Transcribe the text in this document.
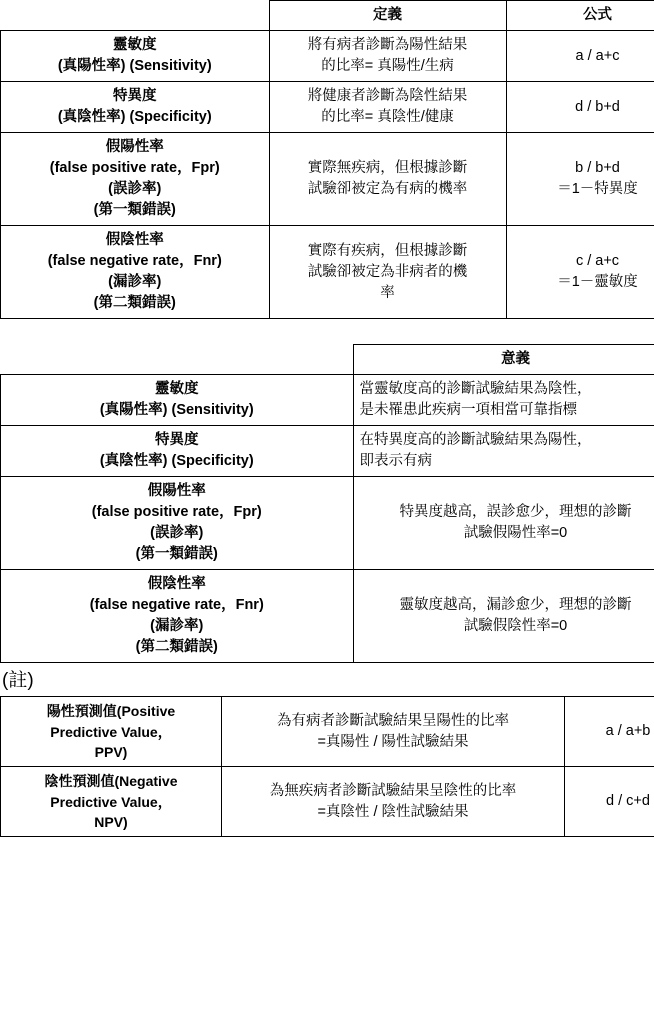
	定義	公式

靈敏度
(真陽性率) (Sensitivity)	將有病者診斷為陽性結果
的比率= 真陽性/生病	a / a+c

特異度
(真陰性率) (Specificity)	將健康者診斷為陰性結果
的比率= 真陰性/健康	d / b+d

假陽性率
(false positive rate，Fpr)
(誤診率)
(第一類錯誤)	實際無疾病，但根據診斷
試驗卻被定為有病的機率	b / b+d
＝1－特異度

假陰性率
(false negative rate，Fnr)
(漏診率)
(第二類錯誤)	實際有疾病，但根據診斷
試驗卻被定為非病者的機
率	c / a+c
＝1－靈敏度
	意義

靈敏度
(真陽性率) (Sensitivity)	當靈敏度高的診斷試驗結果為陰性，
是未罹患此疾病一項相當可靠指標

特異度
(真陰性率) (Specificity)	在特異度高的診斷試驗結果為陽性，
即表示有病

假陽性率
(false positive rate，Fpr)
(誤診率)
(第一類錯誤)	特異度越高，誤診愈少，理想的診斷
試驗假陽性率=0

假陰性率
(false negative rate，Fnr)
(漏診率)
(第二類錯誤)	靈敏度越高，漏診愈少，理想的診斷
試驗假陰性率=0
(註)
陽性預測值(Positive
Predictive Value，
PPV)	為有病者診斷試驗結果呈陽性的比率
=真陽性 / 陽性試驗結果	a / a+b

陰性預測值(Negative
Predictive Value，
NPV)	為無疾病者診斷試驗結果呈陰性的比率
=真陰性 / 陰性試驗結果	d / c+d
